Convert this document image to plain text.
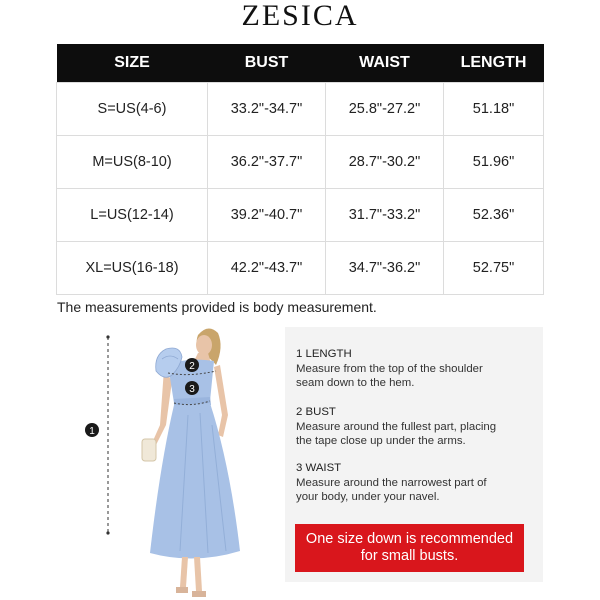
ZESICA
SIZE	BUST	WAIST	LENGTH
S=US(4-6)	33.2"-34.7"	25.8"-27.2"	51.18"
M=US(8-10)	36.2"-37.7"	28.7"-30.2"	51.96"
L=US(12-14)	39.2"-40.7"	31.7"-33.2"	52.36"
XL=US(16-18)	42.2"-43.7"	34.7"-36.2"	52.75"
The measurements provided is body measurement.
1
2
3
1 LENGTH
Measure from the top of the shoulder
seam down to the hem.
2 BUST
Measure around the fullest part, placing
the tape close up under the arms.
3 WAIST
Measure around the narrowest part of
your body, under your navel.
One size down is recommended
for small busts.
